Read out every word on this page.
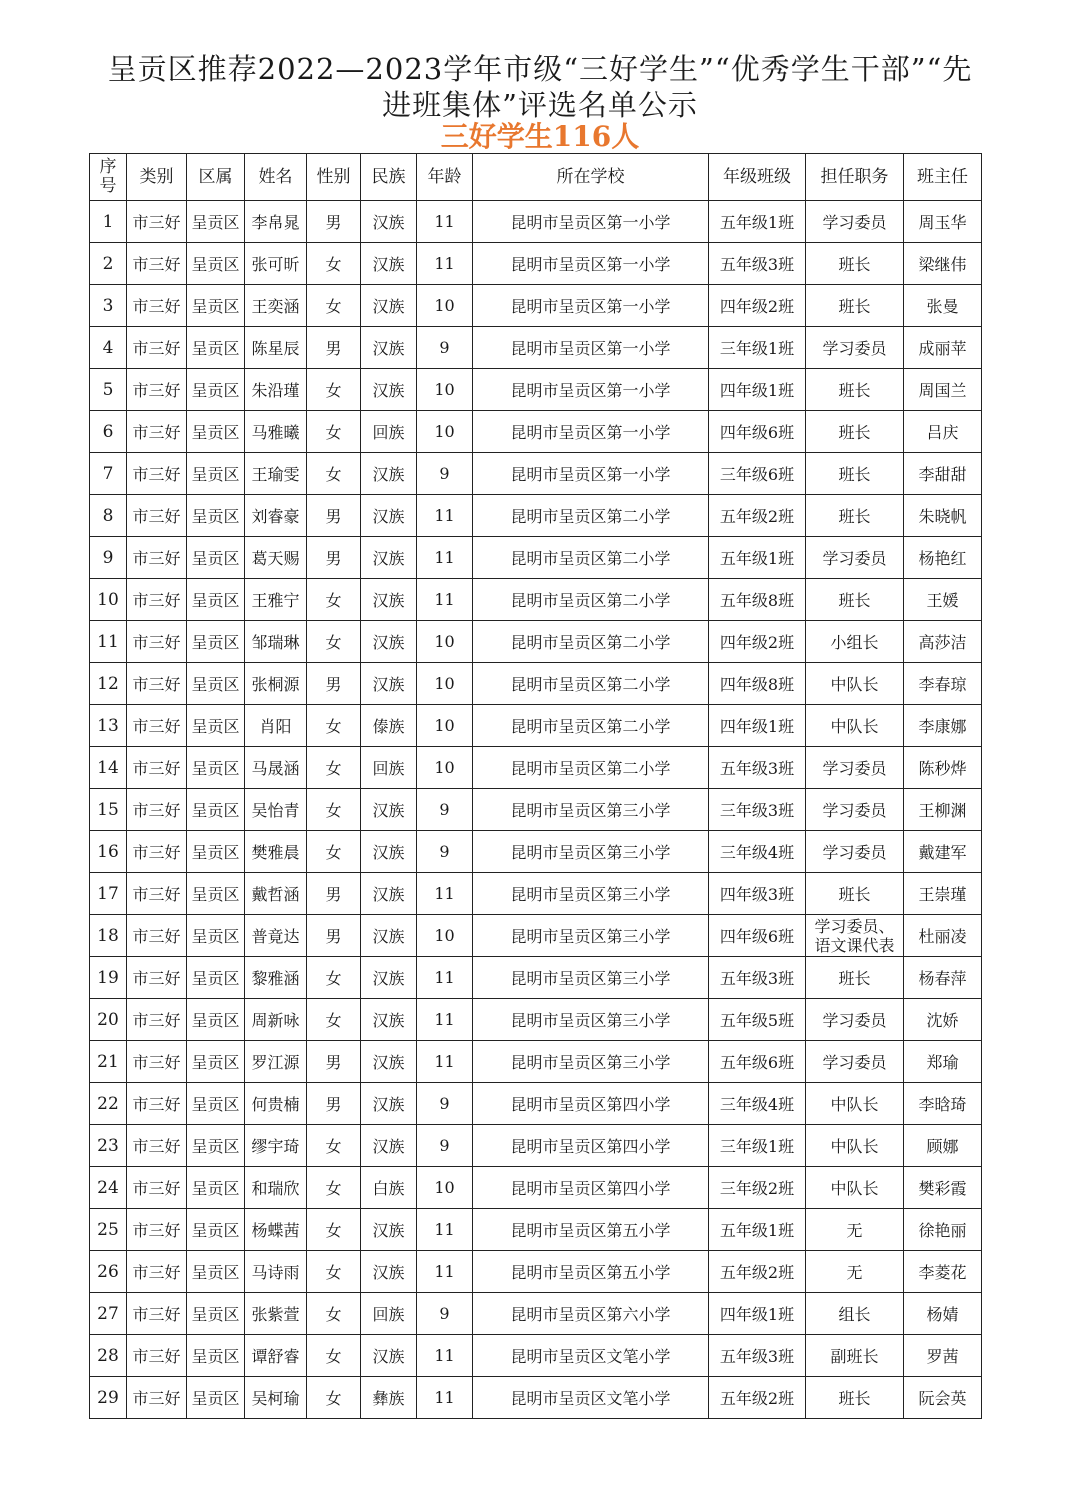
呈贡区推荐2022—2023学年市级“三好学生”“优秀学生干部”“先
进班集体”评选名单公示
三好学生116人
序号	类别	区属	姓名	性别	民族	年龄	所在学校	年级班级	担任职务	班主任
1	市三好	呈贡区	李帛晁	男	汉族	11	昆明市呈贡区第一小学	五年级1班	学习委员	周玉华
2	市三好	呈贡区	张可昕	女	汉族	11	昆明市呈贡区第一小学	五年级3班	班长	梁继伟
3	市三好	呈贡区	王奕涵	女	汉族	10	昆明市呈贡区第一小学	四年级2班	班长	张曼
4	市三好	呈贡区	陈星辰	男	汉族	9	昆明市呈贡区第一小学	三年级1班	学习委员	成丽苹
5	市三好	呈贡区	朱沿瑾	女	汉族	10	昆明市呈贡区第一小学	四年级1班	班长	周国兰
6	市三好	呈贡区	马雅曦	女	回族	10	昆明市呈贡区第一小学	四年级6班	班长	吕庆
7	市三好	呈贡区	王瑜雯	女	汉族	9	昆明市呈贡区第一小学	三年级6班	班长	李甜甜
8	市三好	呈贡区	刘睿豪	男	汉族	11	昆明市呈贡区第二小学	五年级2班	班长	朱晓帆
9	市三好	呈贡区	葛天赐	男	汉族	11	昆明市呈贡区第二小学	五年级1班	学习委员	杨艳红
10	市三好	呈贡区	王雅宁	女	汉族	11	昆明市呈贡区第二小学	五年级8班	班长	王媛
11	市三好	呈贡区	邹瑞琳	女	汉族	10	昆明市呈贡区第二小学	四年级2班	小组长	高莎洁
12	市三好	呈贡区	张桐源	男	汉族	10	昆明市呈贡区第二小学	四年级8班	中队长	李春琼
13	市三好	呈贡区	肖阳	女	傣族	10	昆明市呈贡区第二小学	四年级1班	中队长	李康娜
14	市三好	呈贡区	马晟涵	女	回族	10	昆明市呈贡区第二小学	五年级3班	学习委员	陈秒烨
15	市三好	呈贡区	吴怡青	女	汉族	9	昆明市呈贡区第三小学	三年级3班	学习委员	王柳渊
16	市三好	呈贡区	樊雅晨	女	汉族	9	昆明市呈贡区第三小学	三年级4班	学习委员	戴建军
17	市三好	呈贡区	戴哲涵	男	汉族	11	昆明市呈贡区第三小学	四年级3班	班长	王崇瑾
18	市三好	呈贡区	普竟达	男	汉族	10	昆明市呈贡区第三小学	四年级6班	学习委员、语文课代表	杜丽凌
19	市三好	呈贡区	黎雅涵	女	汉族	11	昆明市呈贡区第三小学	五年级3班	班长	杨春萍
20	市三好	呈贡区	周新咏	女	汉族	11	昆明市呈贡区第三小学	五年级5班	学习委员	沈娇
21	市三好	呈贡区	罗江源	男	汉族	11	昆明市呈贡区第三小学	五年级6班	学习委员	郑瑜
22	市三好	呈贡区	何贵楠	男	汉族	9	昆明市呈贡区第四小学	三年级4班	中队长	李晗琦
23	市三好	呈贡区	缪宇琦	女	汉族	9	昆明市呈贡区第四小学	三年级1班	中队长	顾娜
24	市三好	呈贡区	和瑞欣	女	白族	10	昆明市呈贡区第四小学	三年级2班	中队长	樊彩霞
25	市三好	呈贡区	杨蝶茜	女	汉族	11	昆明市呈贡区第五小学	五年级1班	无	徐艳丽
26	市三好	呈贡区	马诗雨	女	汉族	11	昆明市呈贡区第五小学	五年级2班	无	李菱花
27	市三好	呈贡区	张紫萱	女	回族	9	昆明市呈贡区第六小学	四年级1班	组长	杨婧
28	市三好	呈贡区	谭舒睿	女	汉族	11	昆明市呈贡区文笔小学	五年级3班	副班长	罗茜
29	市三好	呈贡区	吴柯瑜	女	彝族	11	昆明市呈贡区文笔小学	五年级2班	班长	阮会英
